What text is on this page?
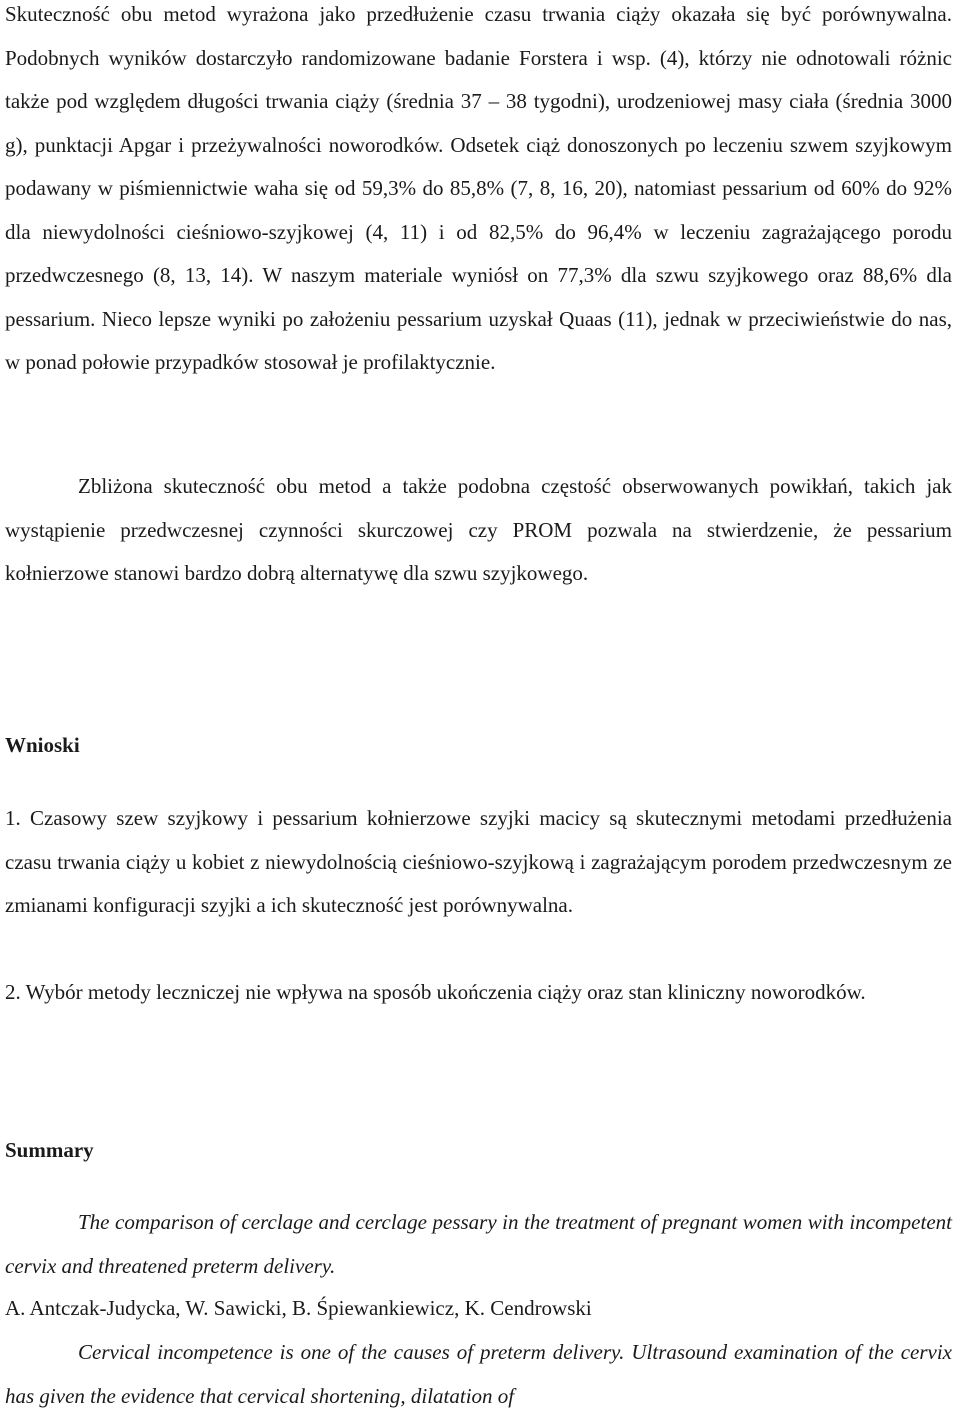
Skuteczność obu metod wyrażona jako przedłużenie czasu trwania ciąży okazała się być porównywalna. Podobnych wyników dostarczyło randomizowane badanie Forstera i wsp. (4), którzy nie odnotowali różnic także pod względem długości trwania ciąży (średnia 37 – 38 tygodni), urodzeniowej masy ciała (średnia 3000 g), punktacji Apgar i przeżywalności noworodków. Odsetek ciąż donoszonych po leczeniu szwem szyjkowym podawany w piśmiennictwie waha się od 59,3% do 85,8% (7, 8, 16, 20), natomiast pessarium od 60% do 92% dla niewydolności cieśniowo-szyjkowej (4, 11) i od 82,5% do 96,4% w leczeniu zagrażającego porodu przedwczesnego (8, 13, 14). W naszym materiale wyniósł on 77,3% dla szwu szyjkowego oraz 88,6% dla pessarium. Nieco lepsze wyniki po założeniu pessarium uzyskał Quaas (11), jednak w przeciwieństwie do nas, w ponad połowie przypadków stosował je profilaktycznie.

Zbliżona skuteczność obu metod a także podobna częstość obserwowanych powikłań, takich jak wystąpienie przedwczesnej czynności skurczowej czy PROM pozwala na stwierdzenie, że pessarium kołnierzowe stanowi bardzo dobrą alternatywę dla szwu szyjkowego.

Wnioski

1. Czasowy szew szyjkowy i pessarium kołnierzowe szyjki macicy są skutecznymi metodami przedłużenia czasu trwania ciąży u kobiet z niewydolnością cieśniowo-szyjkową i zagrażającym porodem przedwczesnym ze zmianami konfiguracji szyjki a ich skuteczność jest porównywalna.

2. Wybór metody leczniczej nie wpływa na sposób ukończenia ciąży oraz stan kliniczny noworodków.

Summary

The comparison of cerclage and cerclage pessary in the treatment of pregnant women with incompetent cervix and threatened preterm delivery.

A. Antczak-Judycka, W. Sawicki, B. Śpiewankiewicz, K. Cendrowski

Cervical incompetence is one of the causes of preterm delivery. Ultrasound examination of the cervix has given the evidence that cervical shortening, dilatation of
